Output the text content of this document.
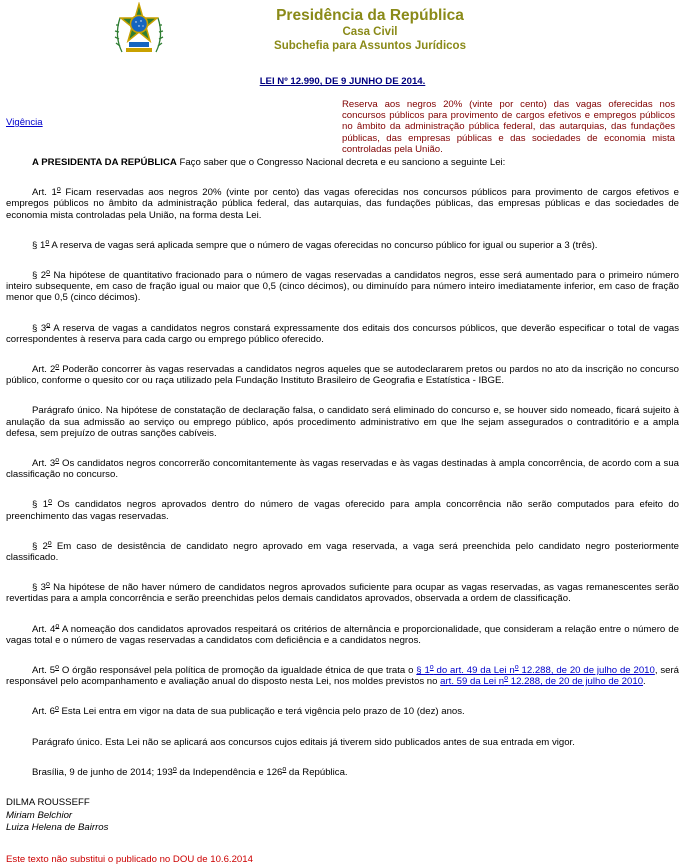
Presidência da República
Casa Civil
Subchefia para Assuntos Jurídicos
LEI Nº 12.990, DE 9 JUNHO DE 2014.
Vigência
Reserva aos negros 20% (vinte por cento) das vagas oferecidas nos concursos públicos para provimento de cargos efetivos e empregos públicos no âmbito da administração pública federal, das autarquias, das fundações públicas, das empresas públicas e das sociedades de economia mista controladas pela União.

A PRESIDENTA DA REPÚBLICA Faço saber que o Congresso Nacional decreta e eu sanciono a seguinte Lei:

Art. 1$^o$ Ficam reservadas aos negros 20% (vinte por cento) das vagas oferecidas nos concursos públicos para provimento de cargos efetivos e empregos públicos no âmbito da administração pública federal, das autarquias, das fundações públicas, das empresas públicas e das sociedades de economia mista controladas pela União, na forma desta Lei.

§ 1$^o$ A reserva de vagas será aplicada sempre que o número de vagas oferecidas no concurso público for igual ou superior a 3 (três).

§ 2$^o$ Na hipótese de quantitativo fracionado para o número de vagas reservadas a candidatos negros, esse será aumentado para o primeiro número inteiro subsequente, em caso de fração igual ou maior que 0,5 (cinco décimos), ou diminuído para número inteiro imediatamente inferior, em caso de fração menor que 0,5 (cinco décimos).

§ 3$^o$ A reserva de vagas a candidatos negros constará expressamente dos editais dos concursos públicos, que deverão especificar o total de vagas correspondentes à reserva para cada cargo ou emprego público oferecido.

Art. 2$^o$ Poderão concorrer às vagas reservadas a candidatos negros aqueles que se autodeclararem pretos ou pardos no ato da inscrição no concurso público, conforme o quesito cor ou raça utilizado pela Fundação Instituto Brasileiro de Geografia e Estatística - IBGE.

Parágrafo único. Na hipótese de constatação de declaração falsa, o candidato será eliminado do concurso e, se houver sido nomeado, ficará sujeito à anulação da sua admissão ao serviço ou emprego público, após procedimento administrativo em que lhe sejam assegurados o contraditório e a ampla defesa, sem prejuízo de outras sanções cabíveis.

Art. 3$^o$ Os candidatos negros concorrerão concomitantemente às vagas reservadas e às vagas destinadas à ampla concorrência, de acordo com a sua classificação no concurso.

§ 1$^o$ Os candidatos negros aprovados dentro do número de vagas oferecido para ampla concorrência não serão computados para efeito do preenchimento das vagas reservadas.

§ 2$^o$ Em caso de desistência de candidato negro aprovado em vaga reservada, a vaga será preenchida pelo candidato negro posteriormente classificado.

§ 3$^o$ Na hipótese de não haver número de candidatos negros aprovados suficiente para ocupar as vagas reservadas, as vagas remanescentes serão revertidas para a ampla concorrência e serão preenchidas pelos demais candidatos aprovados, observada a ordem de classificação.

Art. 4$^o$ A nomeação dos candidatos aprovados respeitará os critérios de alternância e proporcionalidade, que consideram a relação entre o número de vagas total e o número de vagas reservadas a candidatos com deficiência e a candidatos negros.

Art. 5$^o$ O órgão responsável pela política de promoção da igualdade étnica de que trata o § 1$^o$ do art. 49 da Lei $n^o$ 12.288, de 20 de julho de 2010, será responsável pelo acompanhamento e avaliação anual do disposto nesta Lei, nos moldes previstos no art. 59 da Lei $n^o$ 12.288, de 20 de julho de 2010.

Art. 6$^o$ Esta Lei entra em vigor na data de sua publicação e terá vigência pelo prazo de 10 (dez) anos.

Parágrafo único. Esta Lei não se aplicará aos concursos cujos editais já tiverem sido publicados antes de sua entrada em vigor.

Brasília, 9 de junho de 2014; 193$^o$ da Independência e 126$^o$ da República.

DILMA ROUSSEFF
Miriam Belchior
Luiza Helena de Bairros

Este texto não substitui o publicado no DOU de 10.6.2014
